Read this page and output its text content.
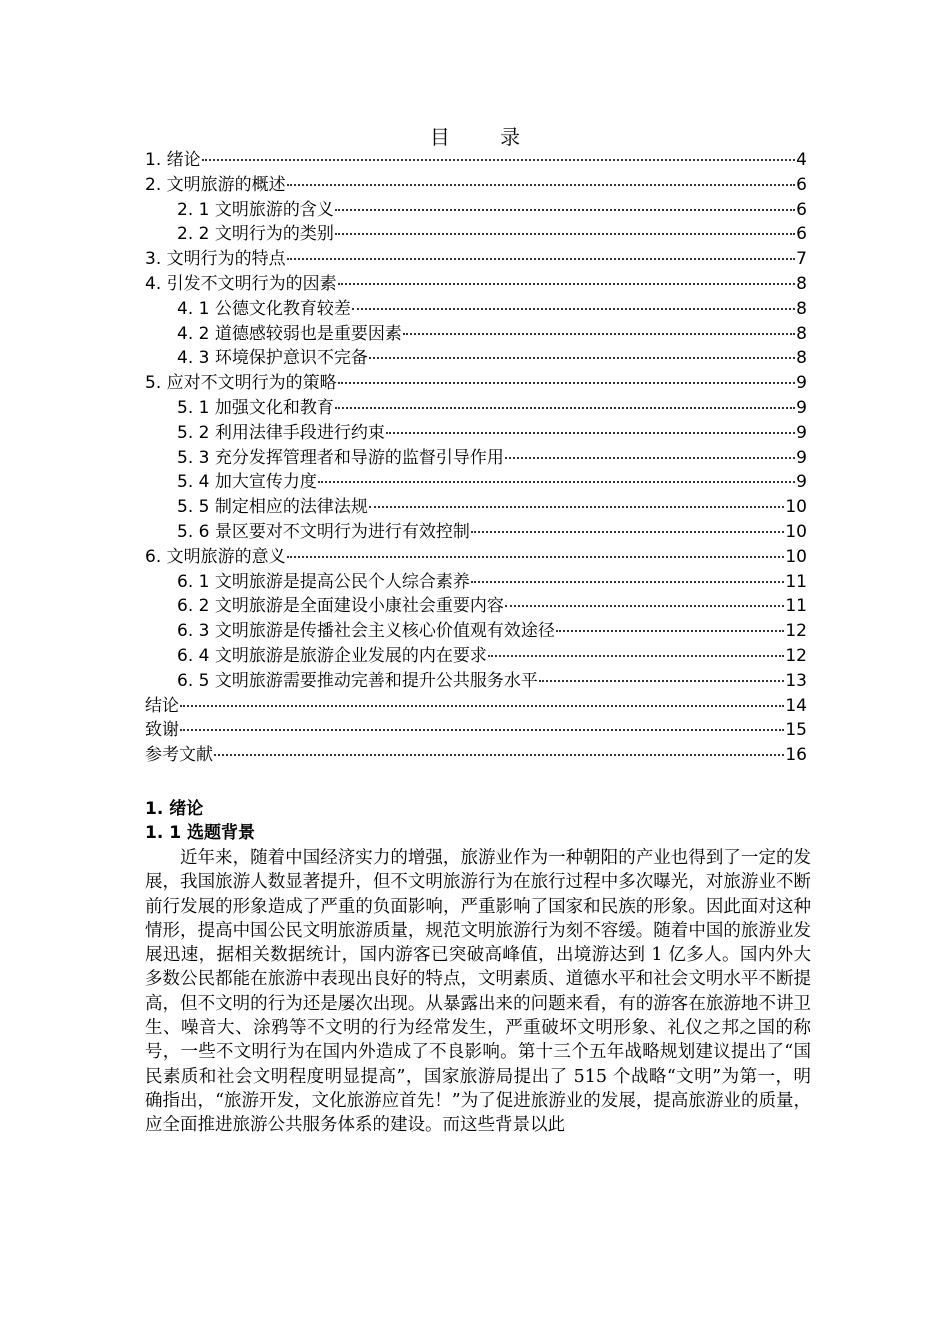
目 录
1. 绪论	4
2. 文明旅游的概述	6
2. 1 文明旅游的含义	6
2. 2 文明行为的类别	6
3. 文明行为的特点	7
4. 引发不文明行为的因素	8
4. 1 公德文化教育较差	8
4. 2 道德感较弱也是重要因素	8
4. 3 环境保护意识不完备	8
5. 应对不文明行为的策略	9
5. 1 加强文化和教育	9
5. 2 利用法律手段进行约束	9
5. 3 充分发挥管理者和导游的监督引导作用	9
5. 4 加大宣传力度	9
5. 5 制定相应的法律法规	10
5. 6 景区要对不文明行为进行有效控制	10
6. 文明旅游的意义	10
6. 1 文明旅游是提高公民个人综合素养	11
6. 2 文明旅游是全面建设小康社会重要内容	11
6. 3 文明旅游是传播社会主义核心价值观有效途径	12
6. 4 文明旅游是旅游企业发展的内在要求	12
6. 5 文明旅游需要推动完善和提升公共服务水平	13
结论	14
致谢	15
参考文献	16
1. 绪论
1. 1 选题背景

近年来，随着中国经济实力的增强，旅游业作为一种朝阳的产业也得到了一定的发展，我国旅游人数显著提升，但不文明旅游行为在旅行过程中多次曝光，对旅游业不断前行发展的形象造成了严重的负面影响，严重影响了国家和民族的形象。因此面对这种情形，提高中国公民文明旅游质量，规范文明旅游行为刻不容缓。随着中国的旅游业发展迅速，据相关数据统计，国内游客已突破高峰值，出境游达到 1 亿多人。国内外大多数公民都能在旅游中表现出良好的特点，文明素质、道德水平和社会文明水平不断提高，但不文明的行为还是屡次出现。从暴露出来的问题来看，有的游客在旅游地不讲卫生、噪音大、涂鸦等不文明的行为经常发生，严重破坏文明形象、礼仪之邦之国的称号，一些不文明行为在国内外造成了不良影响。第十三个五年战略规划建议提出了“国民素质和社会文明程度明显提高”，国家旅游局提出了 515 个战略“文明”为第一，明确指出，“旅游开发，文化旅游应首先！”为了促进旅游业的发展，提高旅游业的质量，应全面推进旅游公共服务体系的建设。而这些背景以此
